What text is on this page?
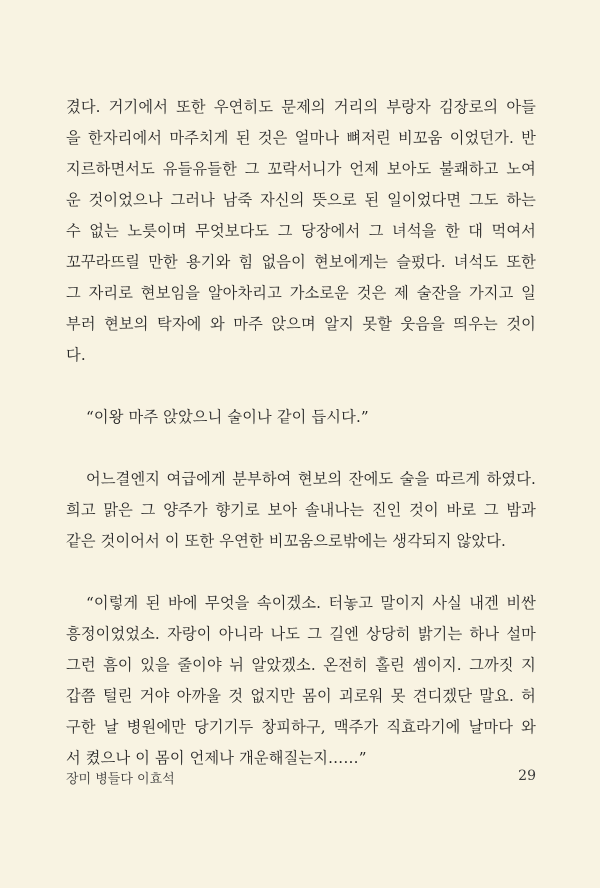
겼다. 거기에서 또한 우연히도 문제의 거리의 부랑자 김장로의 아들
을 한자리에서 마주치게 된 것은 얼마나 뼈저린 비꼬움 이었던가. 반
지르하면서도 유들유들한 그 꼬락서니가 언제 보아도 불쾌하고 노여
운 것이었으나 그러나 남죽 자신의 뜻으로 된 일이었다면 그도 하는
수 없는 노릇이며 무엇보다도 그 당장에서 그 녀석을 한 대 먹여서
꼬꾸라뜨릴 만한 용기와 힘 없음이 현보에게는 슬펐다. 녀석도 또한
그 자리로 현보임을 알아차리고 가소로운 것은 제 술잔을 가지고 일
부러 현보의 탁자에 와 마주 앉으며 알지 못할 웃음을 띄우는 것이
다.

“이왕 마주 앉았으니 술이나 같이 듭시다.”

어느결엔지 여급에게 분부하여 현보의 잔에도 술을 따르게 하였다.
희고 맑은 그 양주가 향기로 보아 솔내나는 진인 것이 바로 그 밤과
같은 것이어서 이 또한 우연한 비꼬움으로밖에는 생각되지 않았다.

“이렇게 된 바에 무엇을 속이겠소. 터놓고 말이지 사실 내겐 비싼
흥정이었었소. 자랑이 아니라 나도 그 길엔 상당히 밝기는 하나 설마
그런 흠이 있을 줄이야 뉘 알았겠소. 온전히 홀린 셈이지. 그까짓 지
갑쯤 털린 거야 아까울 것 없지만 몸이 괴로워 못 견디겠단 말요. 허
구한 날 병원에만 당기기두 창피하구, 맥주가 직효라기에 날마다 와
서 켰으나 이 몸이 언제나 개운해질는지……”

장미 병들다 이효석	29
